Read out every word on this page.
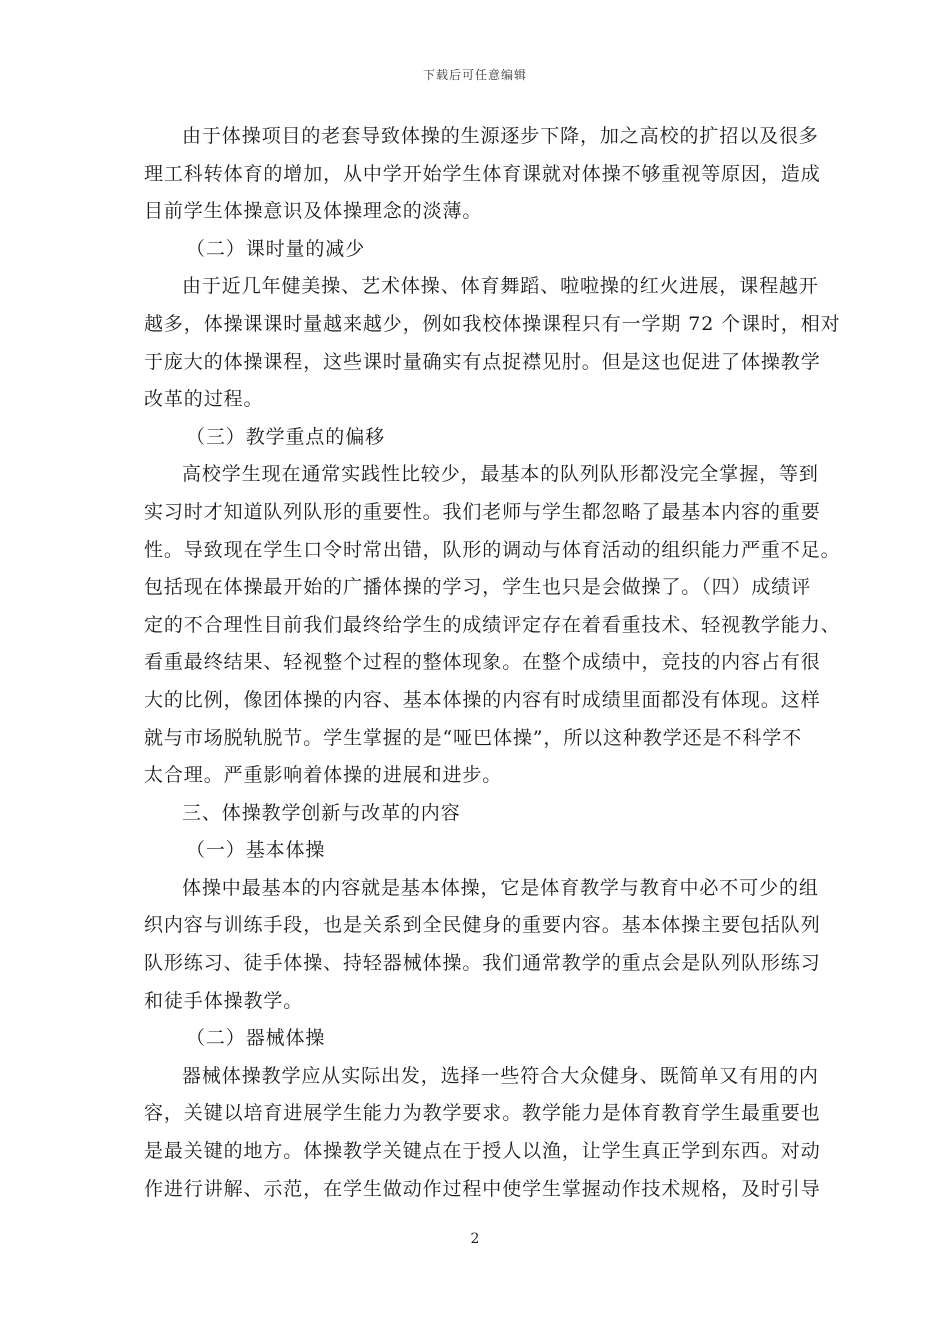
下载后可任意编辑
由于体操项目的老套导致体操的生源逐步下降，加之高校的扩招以及很多
理工科转体育的增加，从中学开始学生体育课就对体操不够重视等原因，造成
目前学生体操意识及体操理念的淡薄。
（二）课时量的减少
由于近几年健美操、艺术体操、体育舞蹈、啦啦操的红火进展，课程越开
越多，体操课课时量越来越少，例如我校体操课程只有一学期 72 个课时，相对
于庞大的体操课程，这些课时量确实有点捉襟见肘。但是这也促进了体操教学
改革的过程。
（三）教学重点的偏移
高校学生现在通常实践性比较少，最基本的队列队形都没完全掌握，等到
实习时才知道队列队形的重要性。我们老师与学生都忽略了最基本内容的重要
性。导致现在学生口令时常出错，队形的调动与体育活动的组织能力严重不足。
包括现在体操最开始的广播体操的学习，学生也只是会做操了。（四）成绩评
定的不合理性目前我们最终给学生的成绩评定存在着看重技术、轻视教学能力、
看重最终结果、轻视整个过程的整体现象。在整个成绩中，竞技的内容占有很
大的比例，像团体操的内容、基本体操的内容有时成绩里面都没有体现。这样
就与市场脱轨脱节。学生掌握的是“哑巴体操”，所以这种教学还是不科学不
太合理。严重影响着体操的进展和进步。
三、体操教学创新与改革的内容
（一）基本体操
体操中最基本的内容就是基本体操，它是体育教学与教育中必不可少的组
织内容与训练手段，也是关系到全民健身的重要内容。基本体操主要包括队列
队形练习、徒手体操、持轻器械体操。我们通常教学的重点会是队列队形练习
和徒手体操教学。
（二）器械体操
器械体操教学应从实际出发，选择一些符合大众健身、既简单又有用的内
容，关键以培育进展学生能力为教学要求。教学能力是体育教育学生最重要也
是最关键的地方。体操教学关键点在于授人以渔，让学生真正学到东西。对动
作进行讲解、示范，在学生做动作过程中使学生掌握动作技术规格，及时引导
2
